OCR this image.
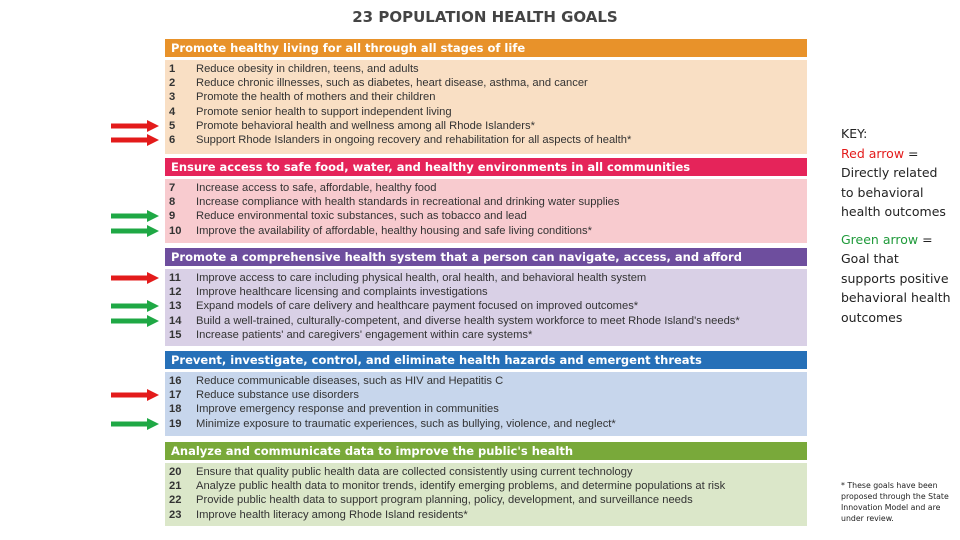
23 POPULATION HEALTH GOALS
Promote healthy living for all through all stages of life
1	Reduce obesity in children, teens, and adults
2	Reduce chronic illnesses, such as diabetes, heart disease, asthma, and cancer
3	Promote the health of mothers and their children
4	Promote senior health to support independent living
5	Promote behavioral health and wellness among all Rhode Islanders*
6	Support Rhode Islanders in ongoing recovery and rehabilitation for all aspects of health*
Ensure access to safe food, water, and healthy environments in all communities
7	Increase access to safe, affordable, healthy food
8	Increase compliance with health standards in recreational and drinking water supplies
9	Reduce environmental toxic substances, such as tobacco and lead
10	Improve the availability of affordable, healthy housing and safe living conditions*
Promote a comprehensive health system that a person can navigate, access, and afford
11	Improve access to care including physical health, oral health, and behavioral health system
12	Improve healthcare licensing and complaints investigations
13	Expand models of care delivery and healthcare payment focused on improved outcomes*
14	Build a well-trained, culturally-competent, and diverse health system workforce to meet Rhode Island's needs*
15	Increase patients' and caregivers' engagement within care systems*
Prevent, investigate, control, and eliminate health hazards and emergent threats
16	Reduce communicable diseases, such as HIV and Hepatitis C
17	Reduce substance use disorders
18	Improve emergency response and prevention in communities
19	Minimize exposure to traumatic experiences, such as bullying, violence, and neglect*
Analyze and communicate data to improve the public's health
20	Ensure that quality public health data are collected consistently using current technology
21	Analyze public health data to monitor trends, identify emerging problems, and determine populations at risk
22	Provide public health data to support program planning, policy, development, and surveillance needs
23	Improve health literacy among Rhode Island residents*
KEY:
Red arrow = Directly related to behavioral health outcomes
Green arrow = Goal that supports positive behavioral health outcomes
* These goals have been proposed through the State Innovation Model and are under review.
